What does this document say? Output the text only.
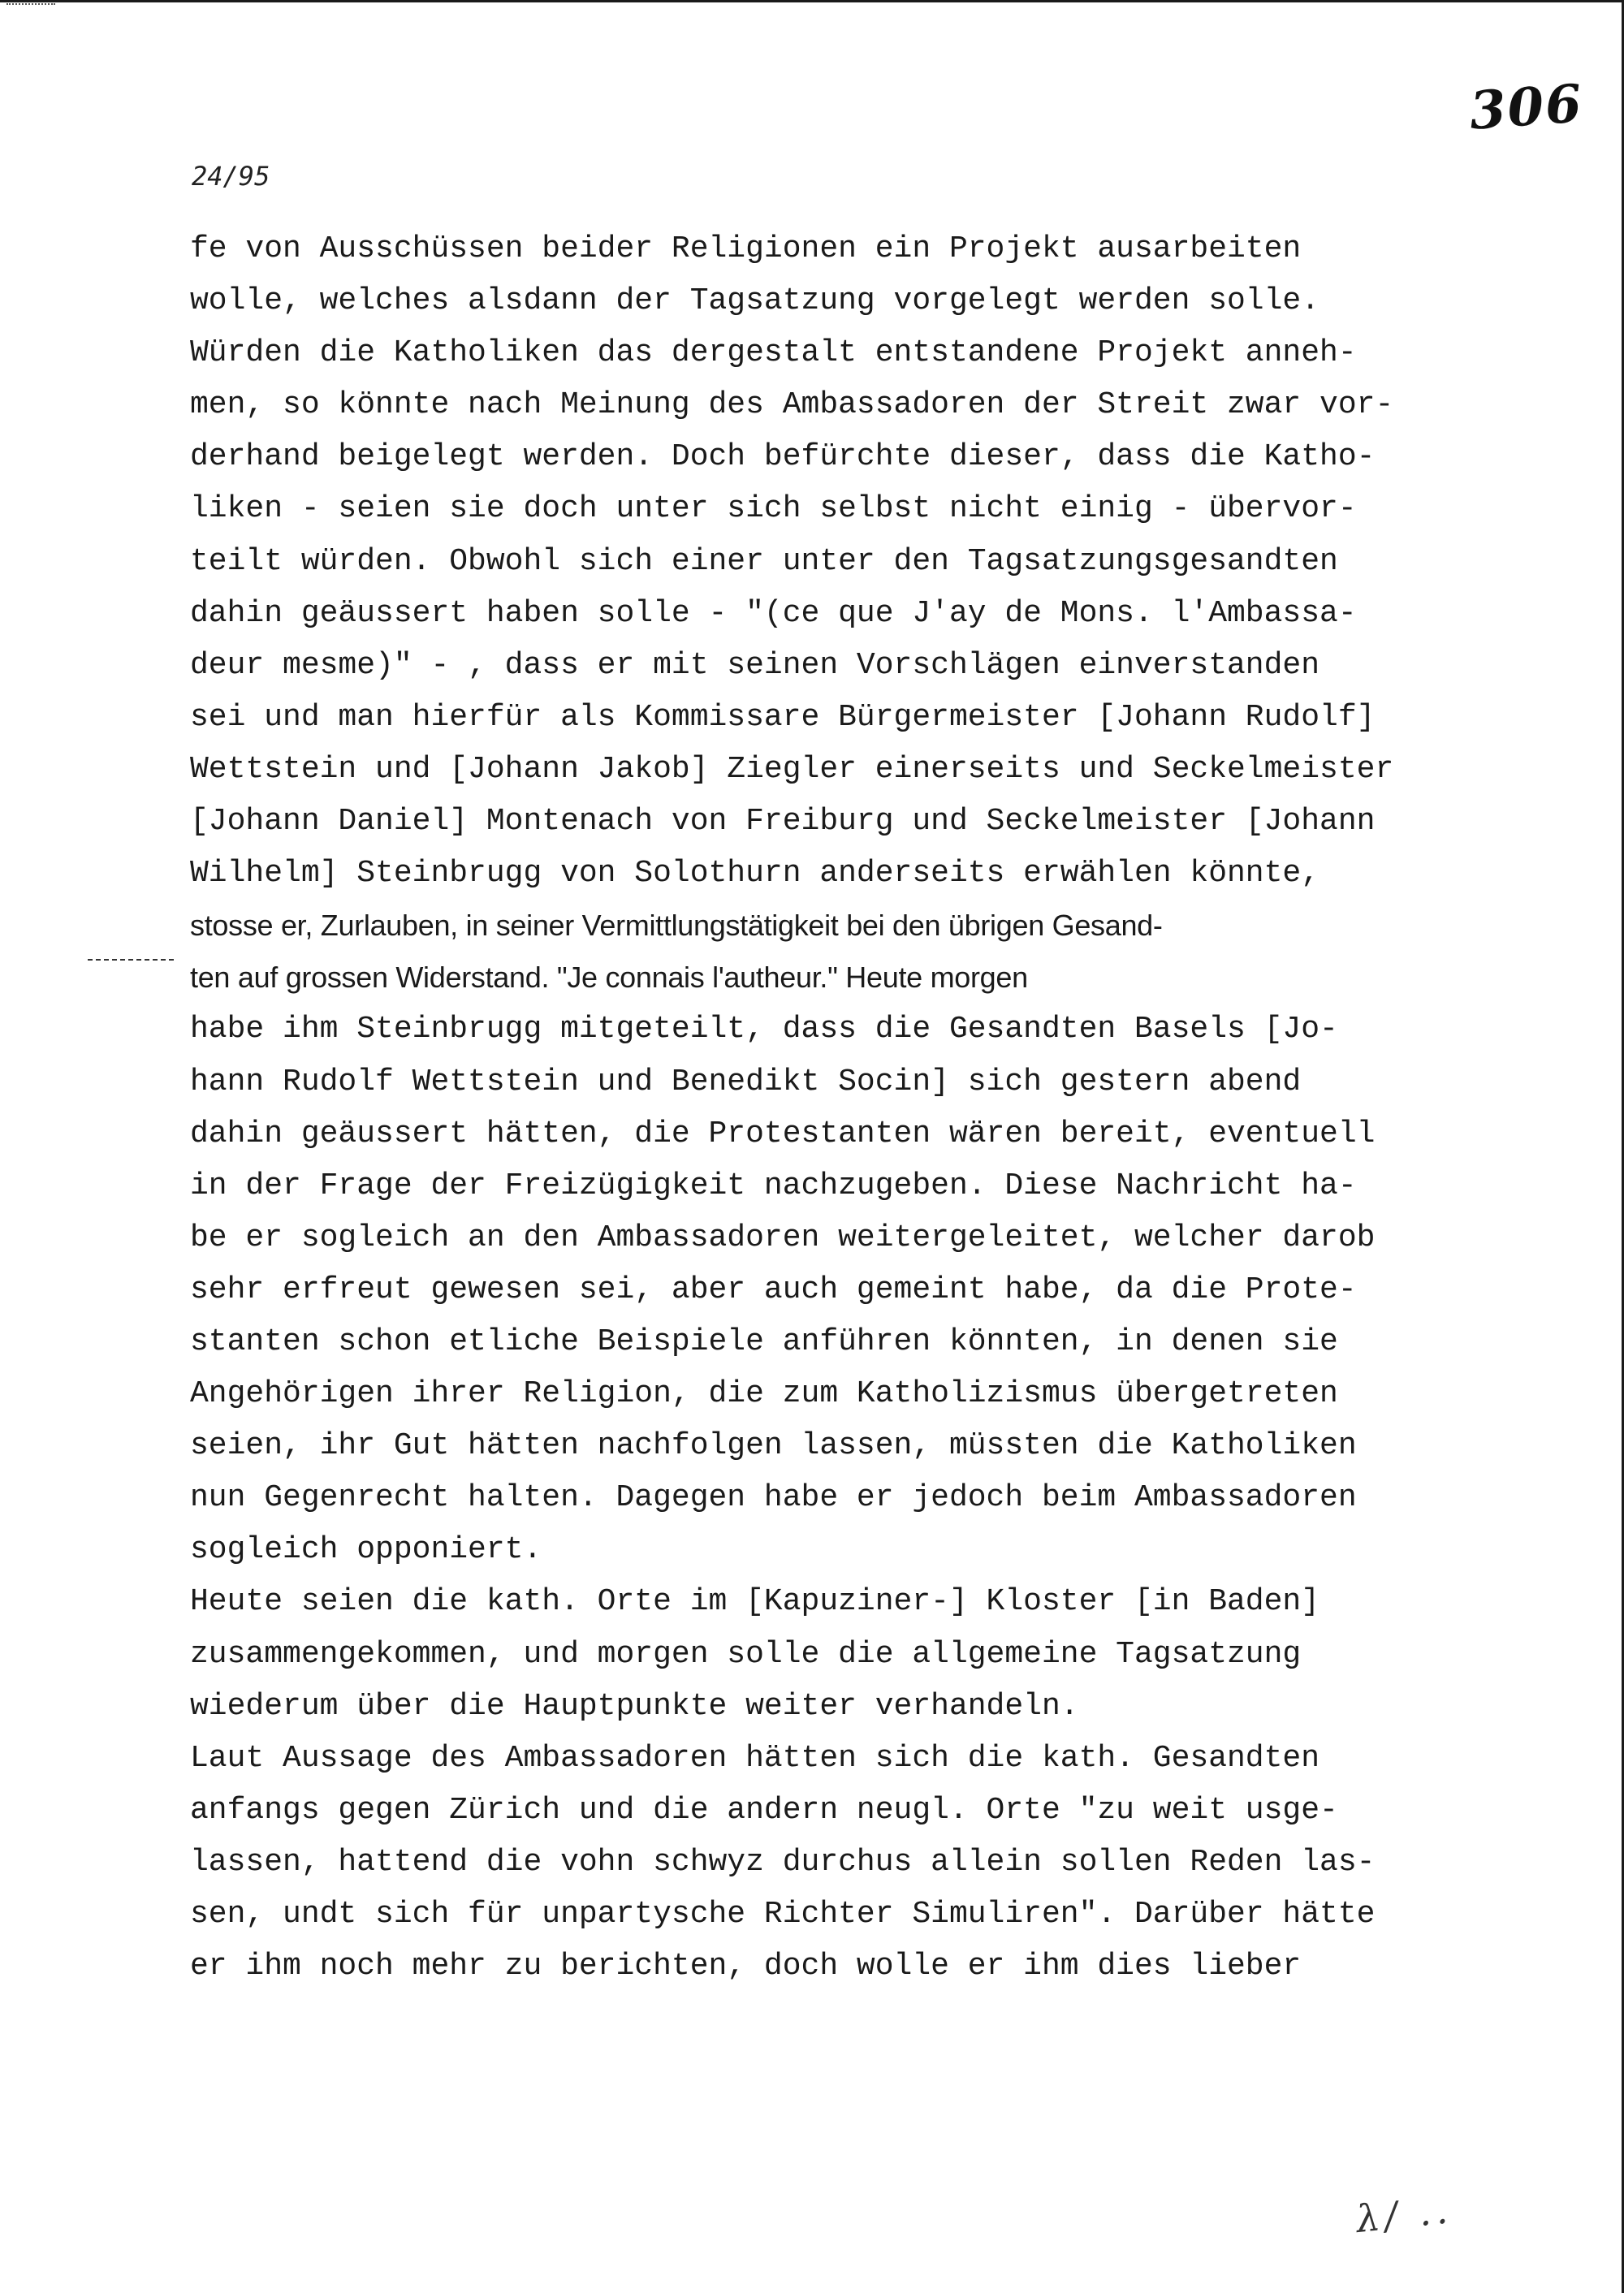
306
24/95
fe von Ausschüssen beider Religionen ein Projekt ausarbeiten
wolle, welches alsdann der Tagsatzung vorgelegt werden solle.
Würden die Katholiken das dergestalt entstandene Projekt anneh-
men, so könnte nach Meinung des Ambassadoren der Streit zwar vor-
derhand beigelegt werden. Doch befürchte dieser, dass die Katho-
liken - seien sie doch unter sich selbst nicht einig - übervor-
teilt würden. Obwohl sich einer unter den Tagsatzungsgesandten
dahin geäussert haben solle - "(ce que J'ay de Mons. l'Ambassa-
deur mesme)" - , dass er mit seinen Vorschlägen einverstanden
sei und man hierfür als Kommissare Bürgermeister [Johann Rudolf]
Wettstein und [Johann Jakob] Ziegler einerseits und Seckelmeister
[Johann Daniel] Montenach von Freiburg und Seckelmeister [Johann
Wilhelm] Steinbrugg von Solothurn anderseits erwählen könnte,
stosse er, Zurlauben, in seiner Vermittlungstätigkeit bei den übrigen Gesand-
ten auf grossen Widerstand. "Je connais l'autheur." Heute morgen
habe ihm Steinbrugg mitgeteilt, dass die Gesandten Basels [Jo-
hann Rudolf Wettstein und Benedikt Socin] sich gestern abend
dahin geäussert hätten, die Protestanten wären bereit, eventuell
in der Frage der Freizügigkeit nachzugeben. Diese Nachricht ha-
be er sogleich an den Ambassadoren weitergeleitet, welcher darob
sehr erfreut gewesen sei, aber auch gemeint habe, da die Prote-
stanten schon etliche Beispiele anführen könnten, in denen sie
Angehörigen ihrer Religion, die zum Katholizismus übergetreten
seien, ihr Gut hätten nachfolgen lassen, müssten die Katholiken
nun Gegenrecht halten. Dagegen habe er jedoch beim Ambassadoren
sogleich opponiert.
Heute seien die kath. Orte im [Kapuziner-] Kloster [in Baden]
zusammengekommen, und morgen solle die allgemeine Tagsatzung
wiederum über die Hauptpunkte weiter verhandeln.
Laut Aussage des Ambassadoren hätten sich die kath. Gesandten
anfangs gegen Zürich und die andern neugl. Orte "zu weit usge-
lassen, hattend die vohn schwyz durchus allein sollen Reden las-
sen, undt sich für unpartysche Richter Simuliren". Darüber hätte
er ihm noch mehr zu berichten, doch wolle er ihm dies lieber
λ/ ..
